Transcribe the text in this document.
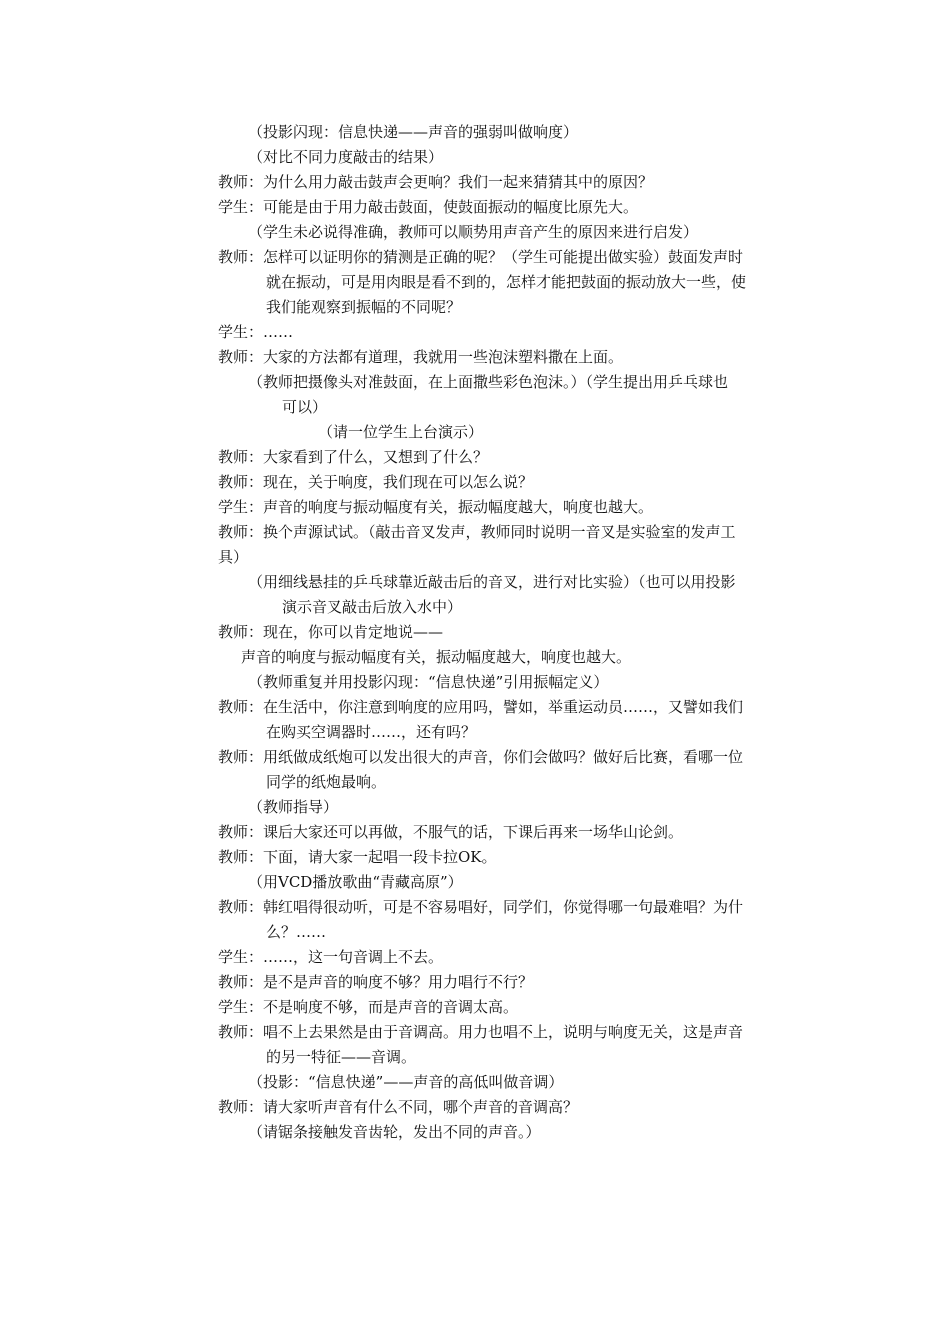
（投影闪现：信息快递——声音的强弱叫做响度）
（对比不同力度敲击的结果）
教师：为什么用力敲击鼓声会更响？我们一起来猜猜其中的原因？
学生：可能是由于用力敲击鼓面，使鼓面振动的幅度比原先大。
（学生未必说得准确，教师可以顺势用声音产生的原因来进行启发）
教师：怎样可以证明你的猜测是正确的呢？（学生可能提出做实验）鼓面发声时
就在振动，可是用肉眼是看不到的，怎样才能把鼓面的振动放大一些，使
我们能观察到振幅的不同呢？
学生：……
教师：大家的方法都有道理，我就用一些泡沫塑料撒在上面。
（教师把摄像头对准鼓面，在上面撒些彩色泡沫。）（学生提出用乒乓球也
可以）
（请一位学生上台演示）
教师：大家看到了什么，又想到了什么？
教师：现在，关于响度，我们现在可以怎么说？
学生：声音的响度与振动幅度有关，振动幅度越大，响度也越大。
教师：换个声源试试。（敲击音叉发声，教师同时说明一音叉是实验室的发声工
具）
（用细线悬挂的乒乓球靠近敲击后的音叉，进行对比实验）（也可以用投影
演示音叉敲击后放入水中）
教师：现在，你可以肯定地说——
声音的响度与振动幅度有关，振动幅度越大，响度也越大。
（教师重复并用投影闪现：“信息快递”引用振幅定义）
教师：在生活中，你注意到响度的应用吗，譬如，举重运动员……，又譬如我们
在购买空调器时……，还有吗？
教师：用纸做成纸炮可以发出很大的声音，你们会做吗？做好后比赛，看哪一位
同学的纸炮最响。
（教师指导）
教师：课后大家还可以再做，不服气的话，下课后再来一场华山论剑。
教师：下面，请大家一起唱一段卡拉OK。
（用VCD播放歌曲“青藏高原”）
教师：韩红唱得很动听，可是不容易唱好，同学们，你觉得哪一句最难唱？为什
么？……
学生：……，这一句音调上不去。
教师：是不是声音的响度不够？用力唱行不行？
学生：不是响度不够，而是声音的音调太高。
教师：唱不上去果然是由于音调高。用力也唱不上，说明与响度无关，这是声音
的另一特征——音调。
（投影：“信息快递”——声音的高低叫做音调）
教师：请大家听声音有什么不同，哪个声音的音调高？
（请锯条接触发音齿轮，发出不同的声音。）
